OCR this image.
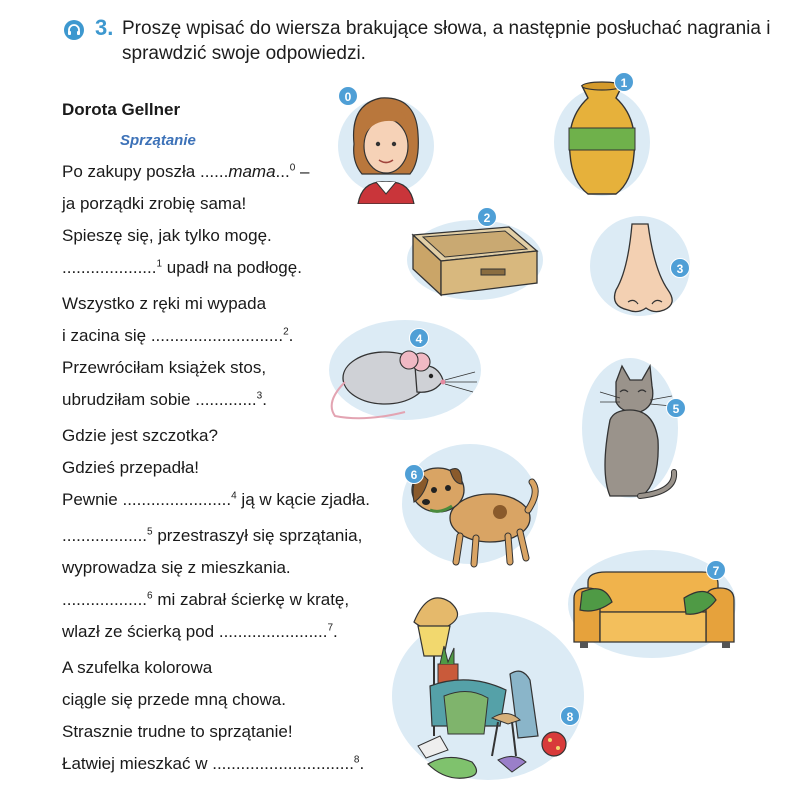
3. Proszę wpisać do wiersza brakujące słowa, a następnie posłuchać nagrania i sprawdzić swoje odpowiedzi.
Dorota Gellner
Sprzątanie
Po zakupy poszła ......mama...$^0$ –
ja porządki zrobię sama!
Spieszę się, jak tylko mogę.
....................$^1$ upadł na podłogę.
Wszystko z ręki mi wypada
i zacina się ............................$^2$.
Przewróciłam książek stos,
ubrudziłam sobie .............$^3$.
Gdzie jest szczotka?
Gdzieś przepadła!
Pewnie .......................$^4$ ją w kącie zjadła.
..................$^5$ przestraszył się sprzątania,
wyprowadza się z mieszkania.
..................$^6$ mi zabrał ścierkę w kratę,
wlazł ze ścierką pod .......................$^7$.
A szufelka kolorowa
ciągle się przede mną chowa.
Strasznie trudne to sprzątanie!
Łatwiej mieszkać w ..............................$^8$.
0
1
2
3
4
5
6
7
8
